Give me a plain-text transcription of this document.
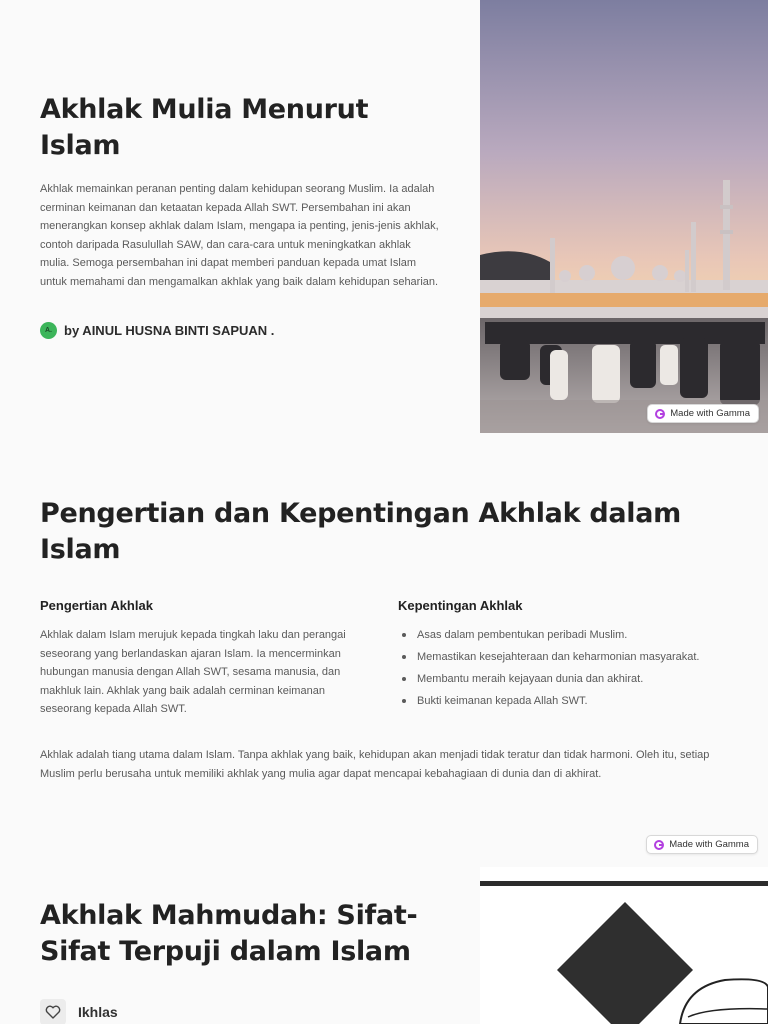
Akhlak Mulia Menurut Islam

Akhlak memainkan peranan penting dalam kehidupan seorang Muslim. Ia adalah cerminan keimanan dan ketaatan kepada Allah SWT. Persembahan ini akan menerangkan konsep akhlak dalam Islam, mengapa ia penting, jenis-jenis akhlak, contoh daripada Rasulullah SAW, dan cara-cara untuk meningkatkan akhlak mulia. Semoga persembahan ini dapat memberi panduan kepada umat Islam untuk memahami dan mengamalkan akhlak yang baik dalam kehidupan seharian.

A. by AINUL HUSNA BINTI SAPUAN .
Made with Gamma
Pengertian dan Kepentingan Akhlak dalam Islam
Pengertian Akhlak

Akhlak dalam Islam merujuk kepada tingkah laku dan perangai seseorang yang berlandaskan ajaran Islam. Ia mencerminkan hubungan manusia dengan Allah SWT, sesama manusia, dan makhluk lain. Akhlak yang baik adalah cerminan keimanan seseorang kepada Allah SWT.

Kepentingan Akhlak
Asas dalam pembentukan peribadi Muslim.
Memastikan kesejahteraan dan keharmonian masyarakat.
Membantu meraih kejayaan dunia dan akhirat.
Bukti keimanan kepada Allah SWT.

Akhlak adalah tiang utama dalam Islam. Tanpa akhlak yang baik, kehidupan akan menjadi tidak teratur dan tidak harmoni. Oleh itu, setiap Muslim perlu berusaha untuk memiliki akhlak yang mulia agar dapat mencapai kebahagiaan di dunia dan di akhirat.

Made with Gamma
Akhlak Mahmudah: Sifat-Sifat Terpuji dalam Islam
Ikhlas
